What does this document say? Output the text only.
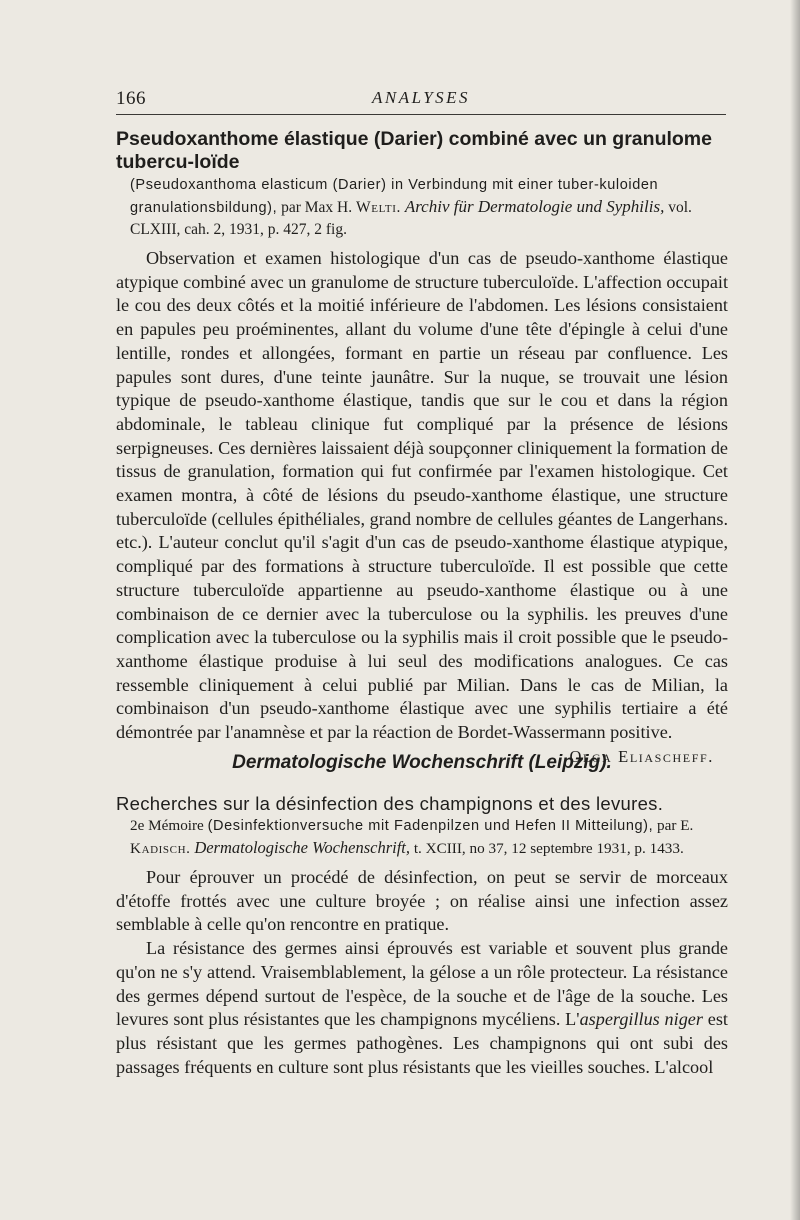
166	ANALYSES

Pseudoxanthome élastique (Darier) combiné avec un granulome tubercu-loïde

(Pseudoxanthoma elasticum (Darier) in Verbindung mit einer tuber-kuloiden granulationsbildung), par Max H. Welti. Archiv für Dermatologie und Syphilis, vol. CLXIII, cah. 2, 1931, p. 427, 2 fig.

Observation et examen histologique d'un cas de pseudo-xanthome élastique atypique combiné avec un granulome de structure tuberculoïde. L'affection occupait le cou des deux côtés et la moitié inférieure de l'abdomen. Les lésions consistaient en papules peu proéminentes, allant du volume d'une tête d'épingle à celui d'une lentille, rondes et allongées, formant en partie un réseau par confluence. Les papules sont dures, d'une teinte jaunâtre. Sur la nuque, se trouvait une lésion typique de pseudo-xanthome élastique, tandis que sur le cou et dans la région abdominale, le tableau clinique fut compliqué par la présence de lésions serpigneuses. Ces dernières laissaient déjà soupçonner cliniquement la formation de tissus de granulation, formation qui fut confirmée par l'examen histologique. Cet examen montra, à côté de lésions du pseudo-xanthome élastique, une structure tuberculoïde (cellules épithéliales, grand nombre de cellules géantes de Langerhans. etc.). L'auteur conclut qu'il s'agit d'un cas de pseudo-xanthome élastique atypique, compliqué par des formations à structure tuberculoïde. Il est possible que cette structure tuberculoïde appartienne au pseudo-xanthome élastique ou à une combinaison de ce dernier avec la tuberculose ou la syphilis. les preuves d'une complication avec la tuberculose ou la syphilis mais il croit possible que le pseudo-xanthome élastique produise à lui seul des modifications analogues. Ce cas ressemble cliniquement à celui publié par Milian. Dans le cas de Milian, la combinaison d'un pseudo-xanthome élastique avec une syphilis tertiaire a été démontrée par l'anamnèse et par la réaction de Bordet-Wassermann positive.

Olga Eliascheff.

Dermatologische Wochenschrift (Leipzig).

Recherches sur la désinfection des champignons et des levures.

2e Mémoire (Desinfektionversuche mit Fadenpilzen und Hefen II Mitteilung), par E. Kadisch. Dermatologische Wochenschrift, t. XCIII, no 37, 12 septembre 1931, p. 1433.

Pour éprouver un procédé de désinfection, on peut se servir de morceaux d'étoffe frottés avec une culture broyée ; on réalise ainsi une infection assez semblable à celle qu'on rencontre en pratique.

La résistance des germes ainsi éprouvés est variable et souvent plus grande qu'on ne s'y attend. Vraisemblablement, la gélose a un rôle protecteur. La résistance des germes dépend surtout de l'espèce, de la souche et de l'âge de la souche. Les levures sont plus résistantes que les champignons mycéliens. L'aspergillus niger est plus résistant que les germes pathogènes. Les champignons qui ont subi des passages fréquents en culture sont plus résistants que les vieilles souches. L'alcool
